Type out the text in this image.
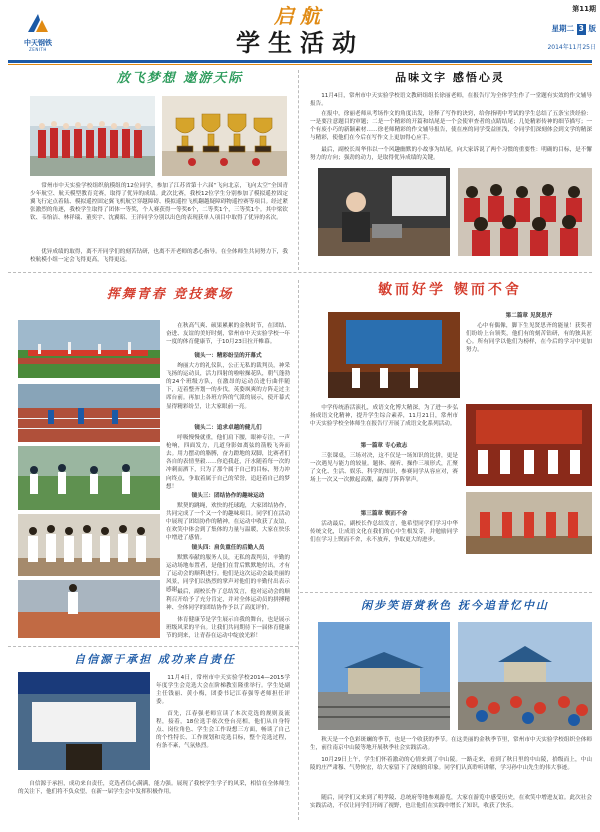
中天钢铁
ZENITH
启航
学生活动
第11期
星期二 3 版
2014年11月25日
放飞梦想 遨游天际
常州市中天实验学校组织航模组的12位同学，参加了江苏省第十六届“飞向北京，飞向太空”全国青少年航空、航天模型教育竞赛，取得了优异的成绩。此次比赛，我校12位学生分别参加了模拟遥控固定翼飞行定点着陆、模拟遥控固定翼飞机航空穿越障碍、模拟遥控飞机翻越疑障碍物遥控赛等项目。经过紧张激烈的角逐，我校学生取得了团体一等奖，个人赛获得一等奖6个，二等奖1个，三等奖1个。其中梁钦钦、韦怡洁、林祥瑞、董奕宇、沈翼昭、王洋同学分别以出色的表现获单人项目中取得了优异的名次。
优异成绩的取得，离不开同学们的刻苦钻研，也离不开老师的悉心指导。在全体师生共同努力下，我校航模小组一定会飞得更高，飞得更远。
品味文字 感悟心灵
11月4日，常州市中天实验学校语文教研组组长徐丽老师，在报告厅为全体学生作了一堂题有实效的作文辅导报告。
在报中，徐丽老师从考场作文的角度出发，诠释了写作的诀窍，给你指明中考试的学生总结了五条宝贵经验：一是要注意题目的审题；二是一个精彩的开篇和结尾是一个会使审查者的点睛结尾；几处精彩传神的细节描写；一个有废小巧的新颖素材……徐老师精彩的作文辅导报告，使在座的同学受益匪浅，令同学们深刻体会到文学的精深与精彩，使他们在今后在写作文上更加得心应手。
最后，副校长周华伟以一个风趣幽默的小故事为结尾，向大家诉说了两个习惯的重要性：明确的目标，是不懈努力的方向；强劲的动力，是取得优异成绩的关键。
挥舞青春 竞技赛场
在秋高气爽、硕果累累的金秋时节，在团结、奋进、友谊的美好时刻，常州市中天实验学校一年一度的体育健康节，于10月23日拉开帷幕。
镜头一：精彩纷呈的开幕式
绚丽大方的礼仪队，公正无私的裁判员，神采飞扬的运动员，活力四射的啦啦操花队，朝气蓬勃的24个班级方队，在激昂的运动员进行曲伴随下，迈着整齐划一的步伐，英姿飒爽的方阵走过主席台前。再加上各班方阵的气派的展示，使开幕式显得精彩纷呈，让大家眼前一亮。
镜头二：追求卓越的健儿们
呼吸慢慢就重，他们肩下腰，眼神专注，一声枪响，四面发力，几道身影如离弦的箭般飞奔而去。用力摆动的胳膊，奋力蹬地的双脚，比赛者们各自的表情坚毅……你追我赶，汗水随着每一次的冲刺而洒下，只为了那个属于自己的目标，努力冲向终点，争取着属于自己的荣誉，追赶着自己的梦想！
镜头三：团结协作的趣味运动
默契的跳绳，欢快的托球跑，大家团结协作，共同完成了一个又一个的趣味项目。同学们在活动中展现了团结协作的精神，在运动中收获了友谊，在欢笑中体会到了集体的力量与温暖，大家在快乐中增进了感情。
镜头四：肩负重任的后勤人员
默默奉献的服务人员，无私的裁判员，辛勤的运动场地布置者，是他们在背后默默地付出，才有了运动会的顺利进行。他们是这次运动会最美丽的风景，同学们以热烈的掌声对他们的辛勤付出表示感谢。
最后，副校长作了总结发言，他对运动会的顺利召开给予了充分肯定，并对全体运动员的拼搏精神、全体同学的团结协作予以了高度评价。
体育健康节是学生展示自我的舞台，也是展示班级风采的平台。让我们共同期待下一届体育健康节的到来，让青春在运动中绽放光彩！
敏而好学 锲而不舍
中学传统游活演扎，成语文化博大精深，为了进一步弘扬成语文化精神，提升学生综合素养，11月21日，常州市中天实验学校全体师生在报告厅开展了成语文化系列活动。
第一篇章 专心致志
三张课桌，三场对决，这不仅是一场知识的比拼，更是一次遇见与能力的较量。题体、视听、操作三项形式，汇聚了文化、生活、娱乐、科学的知识，参赛同学从容应对，赛场上一次又一次掀起高潮，赢得了阵阵掌声。
第三篇章 锲而不舍
活动最后，副校长作总结发言，他希望同学们学习中华传统文化，让成语文化在我们的心中生根发芽，并勉励同学们在学习上锲而不舍，永不放弃，争取更大的进步。
第二篇章 见贤思齐
心中有偶像，脚下生见贤思齐的能量！获奖者们纷纷上台领奖，他们有的刻苦钻研，有的独具匠心。所有同学以他们为榜样，在今后的学习中更加努力。
闲步笑语赏秋色 抚今追昔忆中山
秋天是一个色彩斑斓的季节，也是一个收获的季节。在这美丽的金秋季节里，常州市中天实验学校组织全体师生，前往南京中山陵等地开展秋季社会实践活动。
10月29日上午，学生们怀着激动的心情来到了中山陵。一路走来，看到了秋日里的中山陵，拾级而上，中山陵的庄严肃穆、气势恢宏，给大家留下了深刻的印象。同学们认真聆听讲解，学习孙中山先生的伟大事迹。
随后，同学们又来到了明孝陵、总统府等地参观游览，大家在游览中感受历史，在欢笑中增进友谊。此次社会实践活动，不仅让同学们开阔了视野，也让他们在实践中增长了知识，收获了快乐。
自信源于承担 成功来自责任
11月4日，常州市中天实验学校2014—2015学年度学生会竞选大会在阶梯教室隆重举行。学生处副主任钱丽、黄小梅，团委书记江春强等老师担任评委。
首先，江春强老师宣读了本次竞选的规则及流程，接着，18位选手依次登台亮相，他们从自身特点、岗位角色、学生会工作设想三方面，畅谈了自己的个性特长、工作规划和竞选目标，整个竞选过程，有条不紊，气氛热烈。
自信源于承担，成功来自责任，竞选者信心满满，能力强。展现了我校学生学子的风采，相信在全体师生的关注下，他们将不负众望，在新一届学生会中发挥积极作用。
